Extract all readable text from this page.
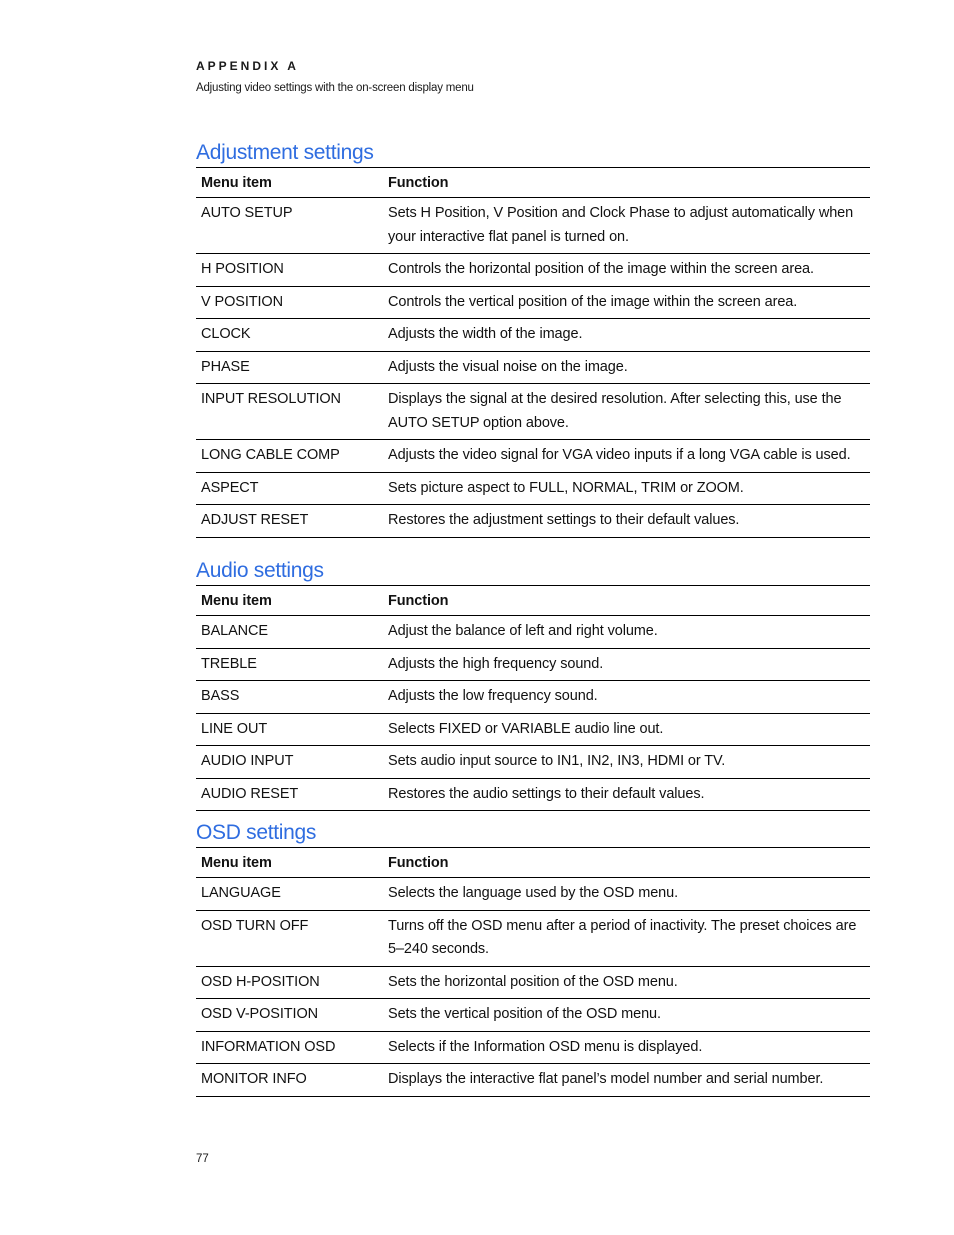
APPENDIX A
Adjusting video settings with the on-screen display menu
Adjustment settings
Menu item	Function
AUTO SETUP	Sets H Position, V Position and Clock Phase to adjust automatically when your interactive flat panel is turned on.
H POSITION	Controls the horizontal position of the image within the screen area.
V POSITION	Controls the vertical position of the image within the screen area.
CLOCK	Adjusts the width of the image.
PHASE	Adjusts the visual noise on the image.
INPUT RESOLUTION	Displays the signal at the desired resolution. After selecting this, use the AUTO SETUP option above.
LONG CABLE COMP	Adjusts the video signal for VGA video inputs if a long VGA cable is used.
ASPECT	Sets picture aspect to FULL, NORMAL, TRIM or ZOOM.
ADJUST RESET	Restores the adjustment settings to their default values.
Audio settings
Menu item	Function
BALANCE	Adjust the balance of left and right volume.
TREBLE	Adjusts the high frequency sound.
BASS	Adjusts the low frequency sound.
LINE OUT	Selects FIXED or VARIABLE audio line out.
AUDIO INPUT	Sets audio input source to IN1, IN2, IN3, HDMI or TV.
AUDIO RESET	Restores the audio settings to their default values.
OSD settings
Menu item	Function
LANGUAGE	Selects the language used by the OSD menu.
OSD TURN OFF	Turns off the OSD menu after a period of inactivity. The preset choices are 5–240 seconds.
OSD H-POSITION	Sets the horizontal position of the OSD menu.
OSD V-POSITION	Sets the vertical position of the OSD menu.
INFORMATION OSD	Selects if the Information OSD menu is displayed.
MONITOR INFO	Displays the interactive flat panel’s model number and serial number.
77
